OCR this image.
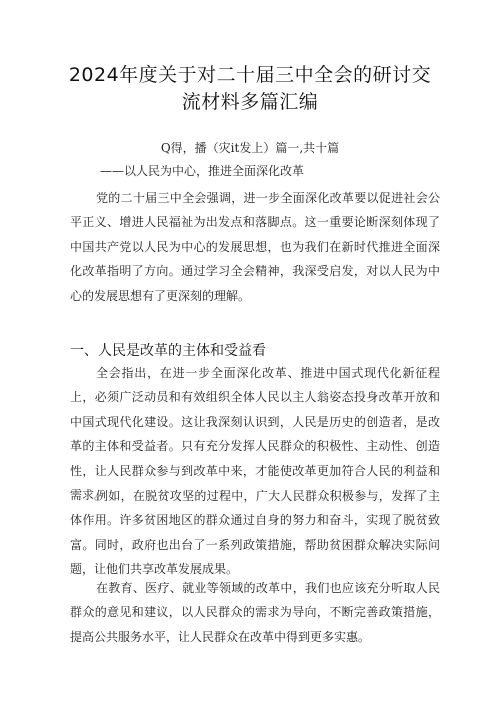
2024年度关于对二十届三中全会的研讨交
流材料多篇汇编
Q得，播（灾it发上）篇一,共十篇
——以人民为中心，推进全面深化改革

党的二十届三中全会强调，进一步全面深化改革要以促进社会公平正义、增进人民福祉为出发点和落脚点。这一重要论断深刻体现了中国共产党以人民为中心的发展思想，也为我们在新时代推进全面深化改革指明了方向。通过学习全会精神，我深受启发，对以人民为中心的发展思想有了更深刻的理解。

一、人民是改革的主体和受益看

全会指出，在进一步全面深化改革、推进中国式现代化新征程上，必须广泛动员和有效组织全体人民以主人翁姿态投身改革开放和中国式现代化建设。这让我深刻认识到，人民是历史的创造者，是改革的主体和受益者。只有充分发挥人民群众的积极性、主动性、创造性，让人民群众参与到改革中来，才能使改革更加符合人民的利益和需求。

例如，在脱贫攻坚的过程中，广大人民群众积极参与，发挥了主体作用。许多贫困地区的群众通过自身的努力和奋斗，实现了脱贫致富。同时，政府也出台了一系列政策措施，帮助贫困群众解决实际问题，让他们共享改革发展成果。

在教育、医疗、就业等领域的改革中，我们也应该充分听取人民群众的意见和建议，以人民群众的需求为导向，不断完善政策措施，提高公共服务水平，让人民群众在改革中得到更多实惠。
